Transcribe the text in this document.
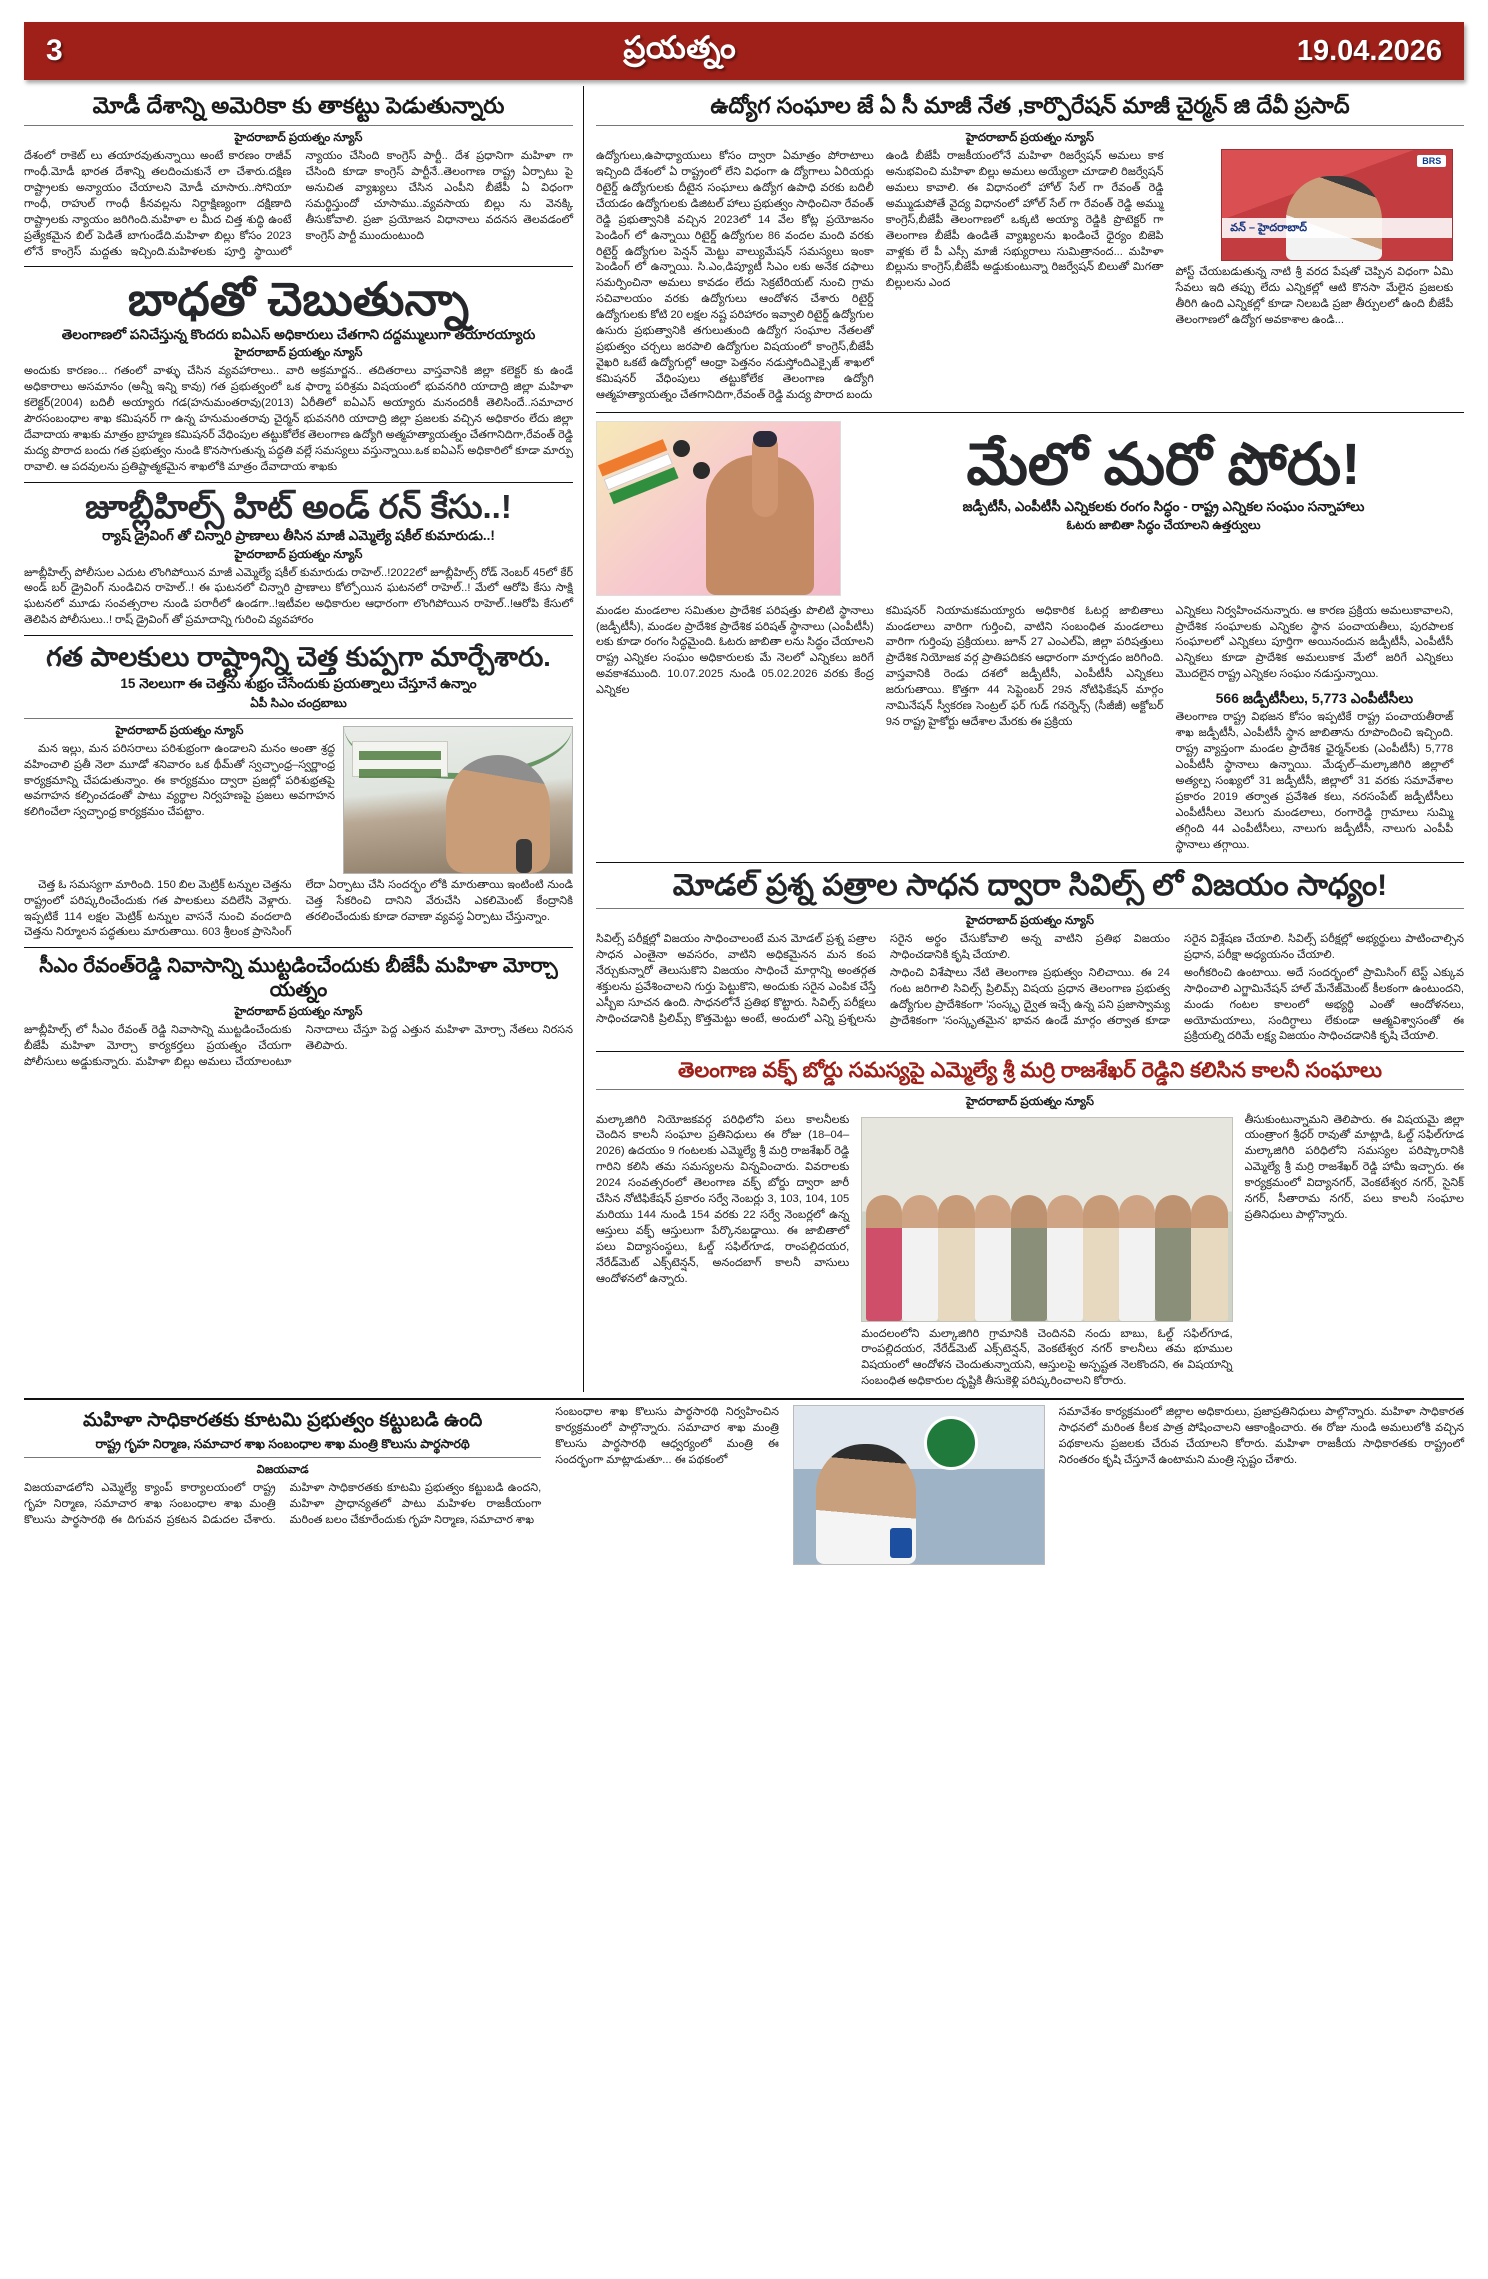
3	ప్రయత్నం	19.04.2026
మోడీ దేశాన్ని అమెరికా కు తాకట్టు పెడుతున్నారు
హైదరాబాద్ ప్రయత్నం న్యూస్

దేశంలో రాకెట్ లు తయారవుతున్నాయి అంటే కారణం రాజీవ్ గాంధీ.మోడీ భారత దేశాన్ని తలదించుకునే లా చేశారు.దక్షిణ రాష్ట్రాలకు అన్యాయం చేయాలని మోడీ చూసారు..సోనియా గాంధీ, రాహుల్ గాంధీ కీనవల్లను నిర్దాక్షిణ్యంగా దక్షిణాది రాష్ట్రాలకు న్యాయం జరిగింది.మహిళా ల మీద చిత్త శుద్ధి ఉంటే ప్రత్యేకమైన బిల్ పెడితే బాగుండేది.మహిళా బిల్లు కోసం 2023 లోనే కాంగ్రెస్ మద్దతు ఇచ్చింది.మహిళలకు పూర్తి స్థాయిలో న్యాయం చేసింది కాంగ్రెస్ పార్టీ.. దేశ ప్రధానిగా మహిళా గా చేసింది కూడా కాంగ్రెస్ పార్టీనే..తెలంగాణ రాష్ట్ర ఏర్పాటు పై అనుచిత వ్యాఖ్యలు చేసిన ఎంపీని బీజేపీ ఏ విధంగా సమర్థిస్తుందో చూసాము..వ్యవసాయ బిల్లు ను వెనక్కి తీసుకోవాలి. ప్రజా ప్రయోజన విధానాలు వదనస తెలవడంలో కాంగ్రెస్ పార్టీ ముందుంటుంది

బాధతో చెబుతున్నా
తెలంగాణలో పనిచేస్తున్న కొందరు ఐఏఎస్ అధికారులు చేతగాని దద్దమ్ములుగా తయారయ్యారు
హైదరాబాద్ ప్రయత్నం న్యూస్

అందుకు కారణం... గతంలో వాళ్ళు చేసిన వ్యవహారాలు.. వారి అక్రమార్జన.. తదితరాలు వాస్తవానికి జిల్లా కలెక్టర్ కు ఉండే అధికారాలు అసమానం (అన్నీ ఇన్ని కావు) గత ప్రభుత్వంలో ఒక ఫార్మా పరిశ్రమ విషయంలో భువనగిరి యాదాద్రి జిల్లా మహిళా కలెక్టర్(2004) బదిలీ అయ్యారు గడ(హనుమంతరావు(2013) ఏరీతిలో ఐఏఎస్ అయ్యారు మనందరికీ తెలిసిందే..సమాచార పౌరసంబంధాల శాఖ కమిషనర్ గా ఉన్న హనుమంతరావు చైర్మన్ భువనగిరి యాదాద్రి జిల్లా ప్రజలకు వచ్చిన అధికారం లేదు జిల్లా దేవాదాయ శాఖకు మాత్రం బ్రాహ్మణ కమిషనర్ వేధింపుల తట్టుకోలేక తెలంగాణ ఉద్యోగి అత్మహత్యాయత్నం చేతగానిదిగా,రేవంత్ రెడ్డి మద్య పొరాద బందు గత ప్రభుత్వం నుండి కొనసాగుతున్న పద్ధతి వల్లే సమస్యలు వస్తున్నాయి.ఒక ఐఏఎస్ అధికారిలో కూడా మార్పు రావాలి. ఆ పదవులను ప్రతిష్టాత్మకమైన శాఖలోకి మాత్రం దేవాదాయ శాఖకు

జూబ్లీహిల్స్ హిట్ అండ్ రన్ కేసు..!
ర్యాష్ డ్రైవింగ్ తో చిన్నారి ప్రాణాలు తీసిన మాజీ ఎమ్మెల్యే షకీల్ కుమారుడు..!
హైదరాబాద్ ప్రయత్నం న్యూస్

జూబ్లీహిల్స్ పోలీసుల ఎదుట లొంగిపోయిన మాజీ ఎమ్మెల్యే షకీల్ కుమారుడు రాహెల్..!2022లో జూబ్లీహిల్స్ రోడ్ నెంబర్ 45లో కేర్ అండ్ బర్ డ్రైవింగ్ నుండిచిన రాహెల్..! ఈ ఘటనలో చిన్నారి ప్రాణాలు కోల్పోయిన ఘటనలో రాహెల్..! మేలో ఆరోపి కేసు సాక్షి ఘటనలో మూడు సంవత్సరాల నుండి పరారీలో ఉండగా..!ఇటీవల అధికారుల ఆధారంగా లొంగిపోయిన రాహెల్..!ఆరోపి కేసులో తెలిపిన పోలీసులు..! రాష్ డ్రైవింగ్ తో ప్రమాదాన్ని గురించి వ్యవహారం

గత పాలకులు రాష్ట్రాన్ని చెత్త కుప్పగా మార్చేశారు.
15 నెలలుగా ఈ చెత్తను శుభ్రం చేసేందుకు ప్రయత్నాలు చేస్తూనే ఉన్నాం
ఏపీ సిఎం చంద్రబాబు
హైదరాబాద్ ప్రయత్నం న్యూస్

మన ఇల్లు, మన పరిసరాలు పరిశుభ్రంగా ఉండాలని మనం అంతా శ్రద్ధ వహించాలి ప్రతీ నెలా మూడో శనివారం ఒక థీమ్‌తో స్వచ్ఛాంధ్ర–స్వర్ణాంధ్ర కార్యక్రమాన్ని చేపడుతున్నాం. ఈ కార్యక్రమం ద్వారా ప్రజల్లో పరిశుభ్రతపై అవగాహన కల్పించడంతో పాటు వ్యర్థాల నిర్వహణపై ప్రజలు అవగాహన కలిగించేలా స్వచ్ఛాంధ్ర కార్యక్రమం చేపట్టాం.

చెత్త ఓ సమస్యగా మారింది. 150 బిల మెట్రిక్ టన్నుల చెత్తను రాష్ట్రంలో పరిష్కరించేందుకు గత పాలకులు వదిలేసి వెళ్లారు. ఇప్పటికే 114 లక్షల మెట్రిక్ టన్నుల వాసనే నుంచి వందలాది చెత్తను నిర్మూలన పద్ధతులు మారుతాయి. 603 శ్రీలంక ప్రాసెసింగ్ లేదా ఏర్పాటు చేసి సందర్భం లోకి మారుతాయి ఇంటింటి నుండి చెత్త సేకరించి దానిని వేరుచేసి ఎకలిమెంట్ కేంద్రానికి తరలించేందుకు కూడా రవాణా వ్యవస్థ ఏర్పాటు చేస్తున్నాం.

సీఎం రేవంత్‌రెడ్డి నివాసాన్ని ముట్టడించేందుకు బీజేపీ మహిళా మోర్చా యత్నం
హైదరాబాద్ ప్రయత్నం న్యూస్

జూబ్లీహిల్స్ లో సీఎం రేవంత్ రెడ్డి నివాసాన్ని ముట్టడించేందుకు బీజేపీ మహిళా మోర్చా కార్యకర్తలు ప్రయత్నం చేయగా పోలీసులు అడ్డుకున్నారు. మహిళా బిల్లు అమలు చేయాలంటూ నినాదాలు చేస్తూ పెద్ద ఎత్తున మహిళా మోర్చా నేతలు నిరసన తెలిపారు.

ఉద్యోగ సంఘాల జే ఏ సీ మాజీ నేత ,కార్పొరేషన్ మాజీ చైర్మన్ జి దేవీ ప్రసాద్
హైదరాబాద్ ప్రయత్నం న్యూస్

ఉద్యోగులు,ఉపాధ్యాయులు కోసం ద్వారా ఏమాత్రం పోరాటాలు ఇచ్చింది దేశంలో ఏ రాష్ట్రంలో లేని విధంగా ఉ ద్యోగాలు ఏరియర్లు రిటైర్డ్ ఉద్యోగులకు దీటైన సంఘాలు ఉద్యోగ ఉపాధి వరకు బదిలీ చేయడం ఉద్యోగులకు డిజిటల్ హాలు ప్రభుత్వం సాధించినా రేవంత్ రెడ్డి ప్రభుత్వానికి వచ్చిన 2023లో 14 వేల కోట్ల ప్రయోజనం పెండింగ్ లో ఉన్నాయి రిటైర్డ్ ఉద్యోగుల 86 వందల మంది వరకు రిటైర్డ్ ఉద్యోగుల పెన్షన్ మెట్టు వాల్యుమేషన్ సమస్యలు ఇంకా పెండింగ్ లో ఉన్నాయి. సి.ఎం,డిప్యూటీ సిఎం లకు అనేక దఫాలు సమర్పించినా అమలు కావడం లేదు సెక్రటేరియట్ నుంచి గ్రామ సచివాలయం వరకు ఉద్యోగులు ఆందోళన చేశారు రిటైర్డ్ ఉద్యోగులకు కోటి 20 లక్షల నష్ట పరిహారం ఇవ్వాలి రిటైర్డ్ ఉద్యోగుల ఉసురు ప్రభుత్వానికి తగులుతుంది ఉద్యోగ సంఘాల నేతలతో ప్రభుత్వం చర్చలు జరపాలి ఉద్యోగుల విషయంలో కాంగ్రెస్,బీజేపీ వైఖరి ఒకటే ఉద్యోగుల్లో ఆంధ్రా పెత్తనం నడుస్తోందిఎక్సైజ్ శాఖలో కమిషనర్ వేధింపులు తట్టుకోలేక తెలంగాణ ఉద్యోగి ఆత్మహత్యాయత్నం చేతగానిదిగా,రేవంత్ రెడ్డి మద్య పొరాద బందు

ఉండి బీజేపీ రాజకీయంలోనే మహిళా రిజర్వేషన్ అమలు కాక అనుభవించి మహిళా బిల్లు అమలు అయ్యేలా చూడాలి రిజర్వేషన్ అమలు కావాలి. ఈ విధానంలో హోల్ సేల్ గా రేవంత్ రెడ్డి అమ్ముడుపోతే వైద్య విధానంలో హోల్ సేల్ గా రేవంత్ రెడ్డి అమ్ము కాంగ్రెస్,బీజేపీ తెలంగాణలో ఒక్కటి అయ్యా రెడ్డికి ప్రొటెక్టర్ గా తెలంగాణ బీజేపీ ఉండితే వ్యాఖ్యలను ఖండించే ధైర్యం బిజెపి వాళ్లకు లే పీ ఎస్సీ మాజీ సభ్యురాలు సుమిత్రానంద... మహిళా బిల్లును కాంగ్రెస్,బీజేపీ అడ్డుకుంటున్నా రిజర్వేషన్ బిలుతో మిగతా బిల్లులను ఎంద

BRS
వన్ – హైదరాబాద్

పోస్ట్ చేయబడుతున్న నాటి శ్రీ వరద పేషతో చెప్పిన విధంగా ఏమి సేవలు ఇది తప్పు లేదు ఎన్నికల్లో ఆటి కొనసా మేలైన ప్రజలకు తీరిగి ఉంది ఎన్నికల్లో కూడా నిలబడి ప్రజా తీర్పులలో ఉంది బీజేపీ తెలంగాణలో ఉద్యోగ అవకాశాల ఉండి...

మేలో మరో పోరు!
జడ్పీటీసీ, ఎంపీటీసీ ఎన్నికలకు రంగం సిద్ధం - రాష్ట్ర ఎన్నికల సంఘం సన్నాహాలు
ఓటరు జాబితా సిద్ధం చేయాలని ఉత్తర్వులు

మండల మండలాల సమితుల ప్రాదేశిక పరిషత్తు పొలిటి స్థానాలు (జడ్పీటీసీ), మండల ప్రాదేశిక ప్రాదేశిక పరిషత్ స్థానాలు (ఎంపీటీసీ) లకు కూడా రంగం సిద్ధమైంది. ఓటరు జాబితా లను సిద్ధం చేయాలని రాష్ట్ర ఎన్నికల సంఘం అధికారులకు మే నెలలో ఎన్నికలు జరిగే అవకాశముంది. 10.07.2025 నుండి 05.02.2026 వరకు కేంద్ర ఎన్నికల

కమిషనర్ నియామకమయ్యారు అధికారిక ఓటర్ల జాబితాలు మండలాలు వారిగా గుర్తించి, వాటిని సంబంధిత మండలాలు వారిగా గుర్తింపు ప్రక్రియలు. జూన్ 27 ఎంఎల్ఏ, జిల్లా పరిషత్తులు ప్రాదేశిక నియోజక వర్గ ప్రాతిపదికన ఆధారంగా మార్చడం జరిగింది. వాస్తవానికి రెండు దశలో జడ్పీటీసీ, ఎంపీటీసీ ఎన్నికలు జరుగుతాయి. కొత్తగా 44 సెప్టెంబర్ 29న నోటిఫికేషన్ మార్గం నామినేషన్ స్వీకరణ సెంట్రల్ ఫర్ గుడ్ గవర్నెన్స్ (సీజీజీ) అక్టోబర్ 9న రాష్ట్ర హైకోర్టు ఆదేశాల మేరకు ఈ ప్రక్రియ

ఎన్నికలు నిర్వహించనున్నారు. ఆ కారణ ప్రక్రియ అమలుకావాలని, ప్రాదేశిక సంఘాలకు ఎన్నికల స్థాన పంచాయతీలు, పురపాలక సంఘాలలో ఎన్నికలు పూర్తిగా అయినందున జడ్పీటీసీ, ఎంపీటీసీ ఎన్నికలు కూడా ప్రాదేశిక అమలుకాక మేలో జరిగే ఎన్నికలు మొదలైన రాష్ట్ర ఎన్నికల సంఘం నడుస్తున్నాయి.

566 జడ్పీటీసీలు, 5,773 ఎంపీటీసీలు

తెలంగాణ రాష్ట్ర విభజన కోసం ఇప్పటికే రాష్ట్ర పంచాయతీరాజ్ శాఖ జడ్పీటీసీ, ఎంపీటీసీ స్థాన జాబితాను రూపొందించి ఇచ్చింది. రాష్ట్ర వ్యాప్తంగా మండల ప్రాదేశిక ఛైర్మన్‌లకు (ఎంపీటీసీ) 5,778 ఎంపీటీసీ స్థానాలు ఉన్నాయి. మేడ్చల్–మల్కాజిగిరి జిల్లాలో అత్యల్ప సంఖ్యలో 31 జడ్పీటీసీ, జిల్లాలో 31 వరకు సమావేశాల ప్రకారం 2019 తర్వాత ప్రవేశిత కలు, నరసంపేట్ జడ్పీటీసీలు ఎంపీటీసీలు వెలుగు మండలాలు, రంగారెడ్డి గ్రామాలు సుమ్మి తగ్గింది 44 ఎంపీటీసీలు, నాలుగు జడ్పీటీసీ, నాలుగు ఎంపీపీ స్థానాలు తగ్గాయి.

మోడల్ ప్రశ్న పత్రాల సాధన ద్వారా సివిల్స్ లో విజయం సాధ్యం!
హైదరాబాద్ ప్రయత్నం న్యూస్

సివిల్స్ పరీక్షల్లో విజయం సాధించాలంటే మన మోడల్ ప్రశ్న పత్రాల సాధన ఎంతైనా అవసరం, వాటిని అధికమైనన మన కంప నేర్చుకున్నారో తెలుసుకొని విజయం సాధించే మార్గాన్ని అంతర్గత శక్తులను ప్రవేశించాలని గుర్తు పెట్టుకొని, అందుకు సరైన ఎంపిక చేస్తే ఎస్బీఐ సూచన ఉంది. సాధనలోనే ప్రతిభ కొట్టారు. సివిల్స్ పరీక్షలు సాధించడానికి ప్రిలిమ్స్ కొత్తమెట్టు అంటే, అందులో ఎన్ని ప్రశ్నలను సరైన అర్థం చేసుకోవాలి అన్న వాటిని ప్రతిభ విజయం సాధించడానికి కృషి చేయాలి.

సాధించి విశేషాలు నేటి తెలంగాణ ప్రభుత్వం నిలిచాయి. ఈ 24 గంట జరిగాలి సివిల్స్ ప్రిలిమ్స్ విషయ ప్రధాన తెలంగాణ ప్రభుత్వ ఉద్యోగుల ప్రాదేశికంగా 'సంస్కృ ద్వైత ఇచ్చే ఉన్న పని ప్రజాస్వామ్య ప్రాదేశికంగా 'సంస్కృతమైన' భావన ఉండే మార్గం తర్వాత కూడా సరైన విశ్లేషణ చేయాలి. సివిల్స్ పరీక్షల్లో అభ్యర్థులు పాటించాల్సిన ప్రధాన, పరీక్షా అధ్యయనం చేయాలి.

అంగీకరించి ఉంటాయి. అదే సందర్భంలో ప్రామిసింగ్ టెస్ట్ ఎక్కువ సాధించాలి ఎగ్జామినేషన్ హాల్ మేనేజ్‌మెంట్ కీలకంగా ఉంటుందని, మండు గంటల కాలంలో అభ్యర్థి ఎంతో ఆందోళనలు, అయోమయాలు, సందిగ్ధాలు లేకుండా ఆత్మవిశ్వాసంతో ఈ ప్రక్రియల్ని దరిమే లక్ష్య విజయం సాధించడానికి కృషి చేయాలి.

తెలంగాణ వక్ఫ్ బోర్డు సమస్యపై ఎమ్మెల్యే శ్రీ మర్రి రాజశేఖర్ రెడ్డిని కలిసిన కాలనీ సంఘాలు
హైదరాబాద్ ప్రయత్నం న్యూస్

మల్కాజిగిరి నియోజకవర్గ పరిధిలోని పలు కాలనీలకు చెందిన కాలనీ సంఘాల ప్రతినిధులు ఈ రోజు (18–04–2026) ఉదయం 9 గంటలకు ఎమ్మెల్యే శ్రీ మర్రి రాజశేఖర్ రెడ్డి గారిని కలిసి తమ సమస్యలను విన్నవించారు. వివరాలకు 2024 సంవత్సరంలో తెలంగాణ వక్ఫ్ బోర్డు ద్వారా జారీ చేసిన నోటిఫికేషన్ ప్రకారం సర్వే నెంబర్లు 3, 103, 104, 105 మరియు 144 నుండి 154 వరకు 22 సర్వే నెంబర్లలో ఉన్న ఆస్తులు వక్ఫ్ ఆస్తులుగా పేర్కొనబడ్డాయి. ఈ జాబితాలో పలు విద్యాసంస్థలు, ఓల్డ్ సఫిల్‌గూడ, రాంపల్లిదయర, నేరేడ్‌మెట్ ఎక్స్‌టెన్షన్, అనందబాగ్ కాలనీ వాసులు ఆందోళనలో ఉన్నారు.

మందలంలోని మల్కాజిగిరి గ్రామానికి చెందినవి నందు బాబు, ఓల్డ్ సఫిల్‌గూడ, రాంపల్లిదయర, నేరేడ్‌మెట్ ఎక్స్‌టెన్షన్, వెంకటేశ్వర నగర్ కాలనీలు తమ భూముల విషయంలో ఆందోళన చెందుతున్నాయని, ఆస్తులపై అస్పష్టత నెలకొందని, ఈ విషయాన్ని సంబంధిత అధికారుల దృష్టికి తీసుకెళ్లి పరిష్కరించాలని కోరారు.

తీసుకుంటున్నామని తెలిపారు. ఈ విషయమై జిల్లా యంత్రాంగ శ్రీధర్ రావుతో మాట్లాడి, ఓల్డ్ సఫిల్‌గూడ మల్కాజిగిరి పరిధిలోని సమస్యల పరిష్కారానికి ఎమ్మెల్యే శ్రీ మర్రి రాజశేఖర్ రెడ్డి హామీ ఇచ్చారు. ఈ కార్యక్రమంలో విద్యానగర్, వెంకటేశ్వర నగర్, సైనిక్ నగర్, సీతారామ నగర్, పలు కాలనీ సంఘాల ప్రతినిధులు పాల్గొన్నారు.

మహిళా సాధికారతకు కూటమి ప్రభుత్వం కట్టుబడి ఉంది
రాష్ట్ర గృహ నిర్మాణ, సమాచార శాఖ సంబంధాల శాఖ మంత్రి కొలుసు పార్థసారథి
విజయవాడ

విజయవాడలోని ఎమ్మెల్యే క్యాంప్ కార్యాలయంలో రాష్ట్ర గృహ నిర్మాణ, సమాచార శాఖ సంబంధాల శాఖ మంత్రి కొలుసు పార్థసారథి ఈ దిగువన ప్రకటన విడుదల చేశారు. మహిళా సాధికారతకు కూటమి ప్రభుత్వం కట్టుబడి ఉందని, మహిళా ప్రాధాన్యతలో పాటు మహిళల రాజకీయంగా మరింత బలం చేకూరేందుకు గృహ నిర్మాణ, సమాచార శాఖ

సంబంధాల శాఖ కొలుసు పార్థసారథి నిర్వహించిన కార్యక్రమంలో పాల్గొన్నారు. సమాచార శాఖ మంత్రి కొలుసు పార్థసారథి ఆధ్వర్యంలో మంత్రి ఈ సందర్భంగా మాట్లాడుతూ... ఈ పథకంలో

సమావేశం కార్యక్రమంలో జిల్లాల అధికారులు, ప్రజాప్రతినిధులు పాల్గొన్నారు. మహిళా సాధికారత సాధనలో మరింత కీలక పాత్ర పోషించాలని ఆకాంక్షించారు. ఈ రోజు నుండి అమలులోకి వచ్చిన పథకాలను ప్రజలకు చేరువ చేయాలని కోరారు. మహిళా రాజకీయ సాధికారతకు రాష్ట్రంలో నిరంతరం కృషి చేస్తూనే ఉంటామని మంత్రి స్పష్టం చేశారు.
